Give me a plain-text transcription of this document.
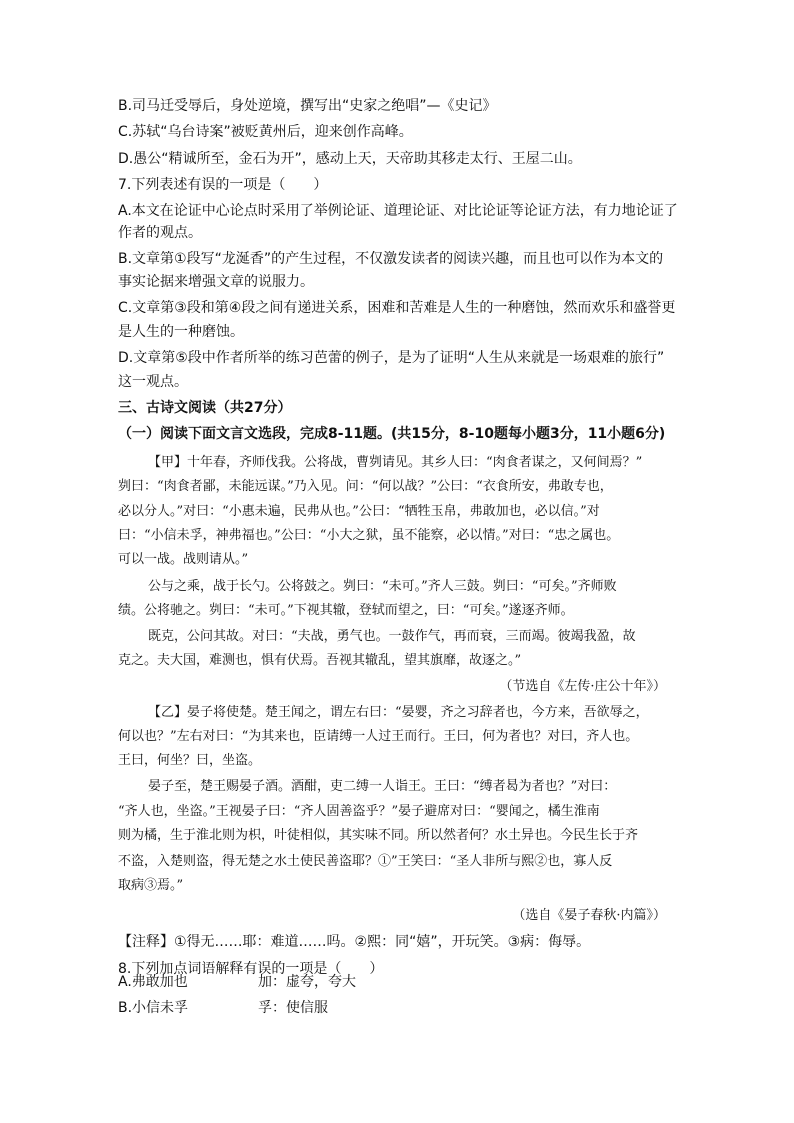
B.司马迁受辱后，身处逆境，撰写出“史家之绝唱”—《史记》
C.苏轼“乌台诗案”被贬黄州后，迎来创作高峰。
D.愚公“精诚所至，金石为开”，感动上天，天帝助其移走太行、王屋二山。
7.下列表述有误的一项是（　　）
A.本文在论证中心论点时采用了举例论证、道理论证、对比论证等论证方法，有力地论证了
作者的观点。
B.文章第①段写“龙涎香”的产生过程，不仅激发读者的阅读兴趣，而且也可以作为本文的
事实论据来增强文章的说服力。
C.文章第③段和第④段之间有递进关系，困难和苦难是人生的一种磨蚀，然而欢乐和盛誉更
是人生的一种磨蚀。
D.文章第⑤段中作者所举的练习芭蕾的例子，是为了证明“人生从来就是一场艰难的旅行”
这一观点。
三、古诗文阅读（共27分）
（一）阅读下面文言文选段，完成8-11题。(共15分，8-10题每小题3分，11小题6分)
【甲】十年春，齐师伐我。公将战，曹刿请见。其乡人曰：“肉食者谋之，又何间焉？”
刿曰：“肉食者鄙，未能远谋。”乃入见。问：“何以战？”公曰：“衣食所安，弗敢专也，
必以分人。”对曰：“小惠未遍，民弗从也。”公曰：“牺牲玉帛，弗敢加也，必以信。”对
曰：“小信未孚，神弗福也。”公曰：“小大之狱，虽不能察，必以情。”对曰：“忠之属也。
可以一战。战则请从。”
公与之乘，战于长勺。公将鼓之。刿曰：“未可。”齐人三鼓。刿曰：“可矣。”齐师败
绩。公将驰之。刿曰：“未可。”下视其辙，登轼而望之，曰：“可矣。”遂逐齐师。
既克，公问其故。对曰：“夫战，勇气也。一鼓作气，再而衰，三而竭。彼竭我盈，故
克之。夫大国，难测也，惧有伏焉。吾视其辙乱，望其旗靡，故逐之。”
（节选自《左传·庄公十年》）
【乙】晏子将使楚。楚王闻之，谓左右曰：“晏婴，齐之习辞者也，今方来，吾欲辱之，
何以也？”左右对曰：“为其来也，臣请缚一人过王而行。王曰，何为者也？对曰，齐人也。
王曰，何坐？曰，坐盗。
晏子至，楚王赐晏子酒。酒酣，吏二缚一人诣王。王曰：“缚者曷为者也？”对曰：
“齐人也，坐盗。”王视晏子曰：“齐人固善盗乎？”晏子避席对曰：“婴闻之，橘生淮南
则为橘，生于淮北则为枳，叶徒相似，其实味不同。所以然者何？水土异也。今民生长于齐
不盗，入楚则盗，得无楚之水土使民善盗耶？①”王笑曰：“圣人非所与熙②也，寡人反
取病③焉。”
（选自《晏子春秋·内篇》）
【注释】①得无……耶：难道……吗。②熙：同“嬉”，开玩笑。③病：侮辱。
8.下列加点词语解释有误的一项是（　　）
A.弗敢加也	加：虚夸，夸大
B.小信未孚	孚：使信服
